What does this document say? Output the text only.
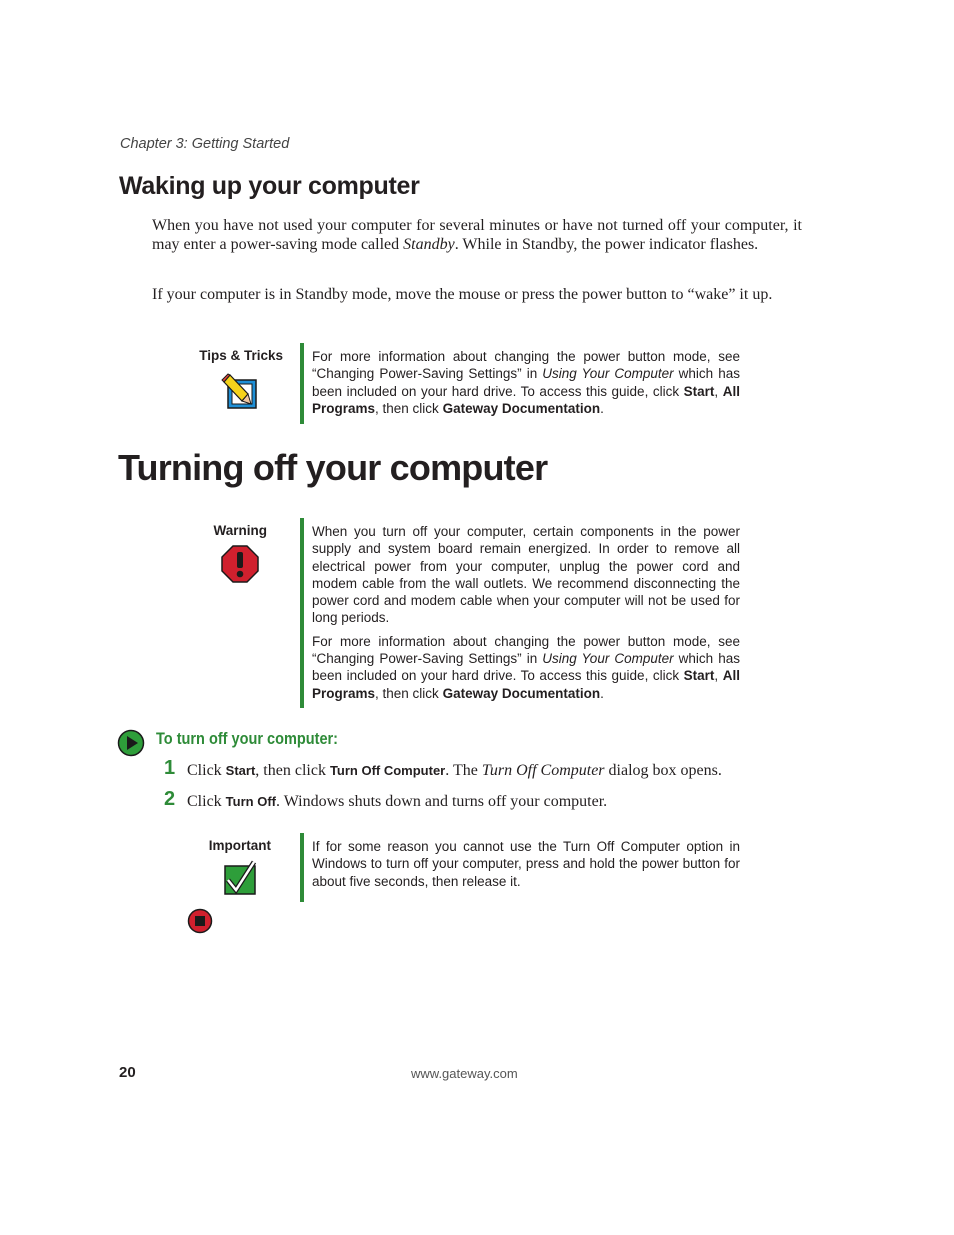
Chapter 3: Getting Started
Waking up your computer
When you have not used your computer for several minutes or have not turned off your computer, it may enter a power-saving mode called Standby. While in Standby, the power indicator flashes.
If your computer is in Standby mode, move the mouse or press the power button to “wake” it up.
Tips & Tricks For more information about changing the power button mode, see “Changing Power-Saving Settings” in Using Your Computer which has been included on your hard drive. To access this guide, click Start, All Programs, then click Gateway Documentation.
Turning off your computer
Warning	When you turn off your computer, certain components in the power supply and system board remain energized. In order to remove all electrical power from your computer, unplug the power cord and modem cable from the wall outlets. We recommend disconnecting the power cord and modem cable when your computer will not be used for long periods.

For more information about changing the power button mode, see “Changing Power-Saving Settings” in Using Your Computer which has been included on your hard drive. To access this guide, click Start, All Programs, then click Gateway Documentation.

To turn off your computer:
1 Click Start, then click Turn Off Computer. The Turn Off Computer dialog box opens.
2 Click Turn Off. Windows shuts down and turns off your computer.
Important	If for some reason you cannot use the Turn Off Computer option in Windows to turn off your computer, press and hold the power button for about five seconds, then release it.
20	www.gateway.com
